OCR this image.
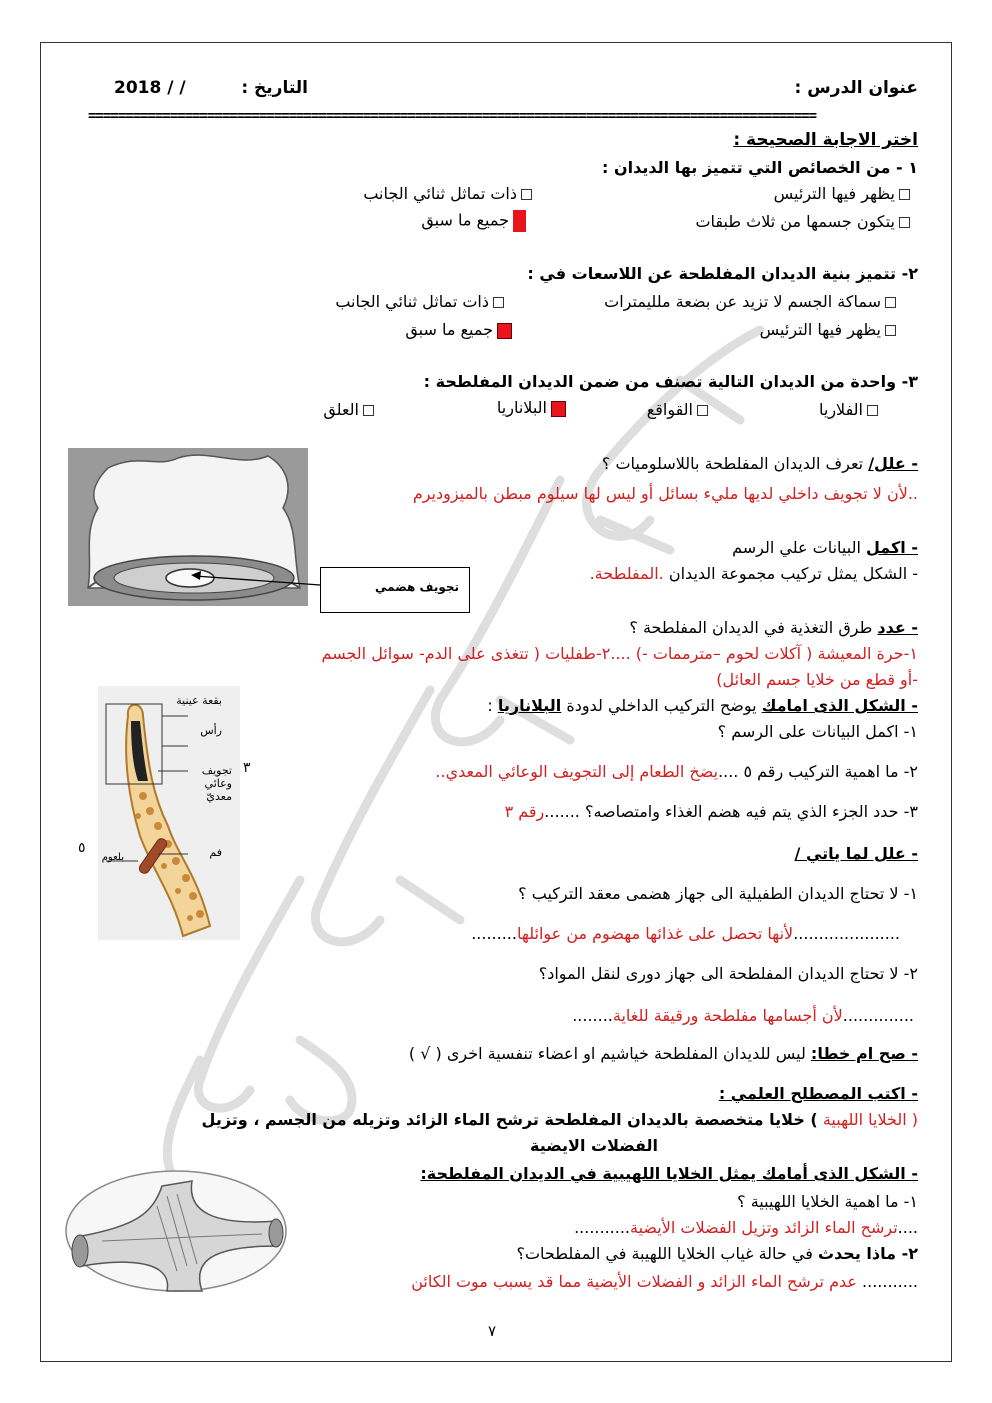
عنوان الدرس :
التاريخ :
2018 / /
==================================================================================================
اختر الاجابة الصحيحة :
١ - من الخصائص التي تتميز بها الديدان :
يظهر فيها الترئيس
ذات تماثل ثنائي الجانب
يتكون جسمها من ثلاث طبقات
جميع ما سبق
٢- تتميز بنية الديدان المفلطحة عن اللاسعات في :
سماكة الجسم لا تزيد عن بضعة ملليمترات
ذات تماثل ثنائي الجانب
يظهر فيها الترئيس
جميع ما سبق
٣- واحدة من الديدان التالية تصنف من ضمن الديدان المفلطحة :
الفلاريا
القواقع
البلاناريا
العلق
- علل/ تعرف الديدان المفلطحة باللاسلوميات ؟
..لأن لا تجويف داخلي لديها مليء بسائل أو ليس لها سيلوم مبطن بالميزوديرم
تجويف هضمي
- اكمل البيانات علي الرسم
- الشكل يمثل تركيب مجموعة الديدان .المفلطحة.
- عدد طرق التغذية في الديدان المفلطحة ؟
١-حرة المعيشة ( آكلات لحوم –مترممات -) ....٢-طفليات ( تتغذى على الدم- سوائل الجسم
-أو قطع من خلايا جسم العائل)
بقعة عينية
رأس
تجويف وعائي معديّ
فم
بلعوم
٣
٥
- الشكل الذى امامك يوضح التركيب الداخلي لدودة البلاناريا :
١- اكمل البيانات على الرسم ؟
٢- ما اهمية التركيب رقم ٥ ....يضخ الطعام إلى التجويف الوعائي المعدي..
٣- حدد الجزء الذي يتم فيه هضم الغذاء وامتصاصه؟ .......رقم ٣
- علل لما ياتي /
١- لا تحتاج الديدان الطفيلية الى جهاز هضمى معقد التركيب ؟
.....................لأنها تحصل على غذائها مهضوم من عوائلها.........
٢- لا تحتاج الديدان المفلطحة الى جهاز دورى لنقل المواد؟
..............لأن أجسامها مفلطحة ورقيقة للغاية........
- صح ام خطا: ليس للديدان المفلطحة خياشيم او اعضاء تنفسية اخرى ( √ )
- اكتب المصطلح العلمي :
( الخلايا اللهبية ) خلايا متخصصة بالديدان المفلطحة ترشح الماء الزائد وتزيله من الجسم ، وتزيل
الفضلات الايضية
- الشكل الذى أمامك يمثل الخلايا اللهيبية في الديدان المفلطحة:
١- ما اهمية الخلايا اللهيبية ؟
....ترشح الماء الزائد وتزيل الفضلات الأيضية...........
٢- ماذا يحدث في حالة غياب الخلايا اللهيبة في المفلطحات؟
........... عدم ترشح الماء الزائد و الفضلات الأيضية مما قد يسبب موت الكائن
٧
